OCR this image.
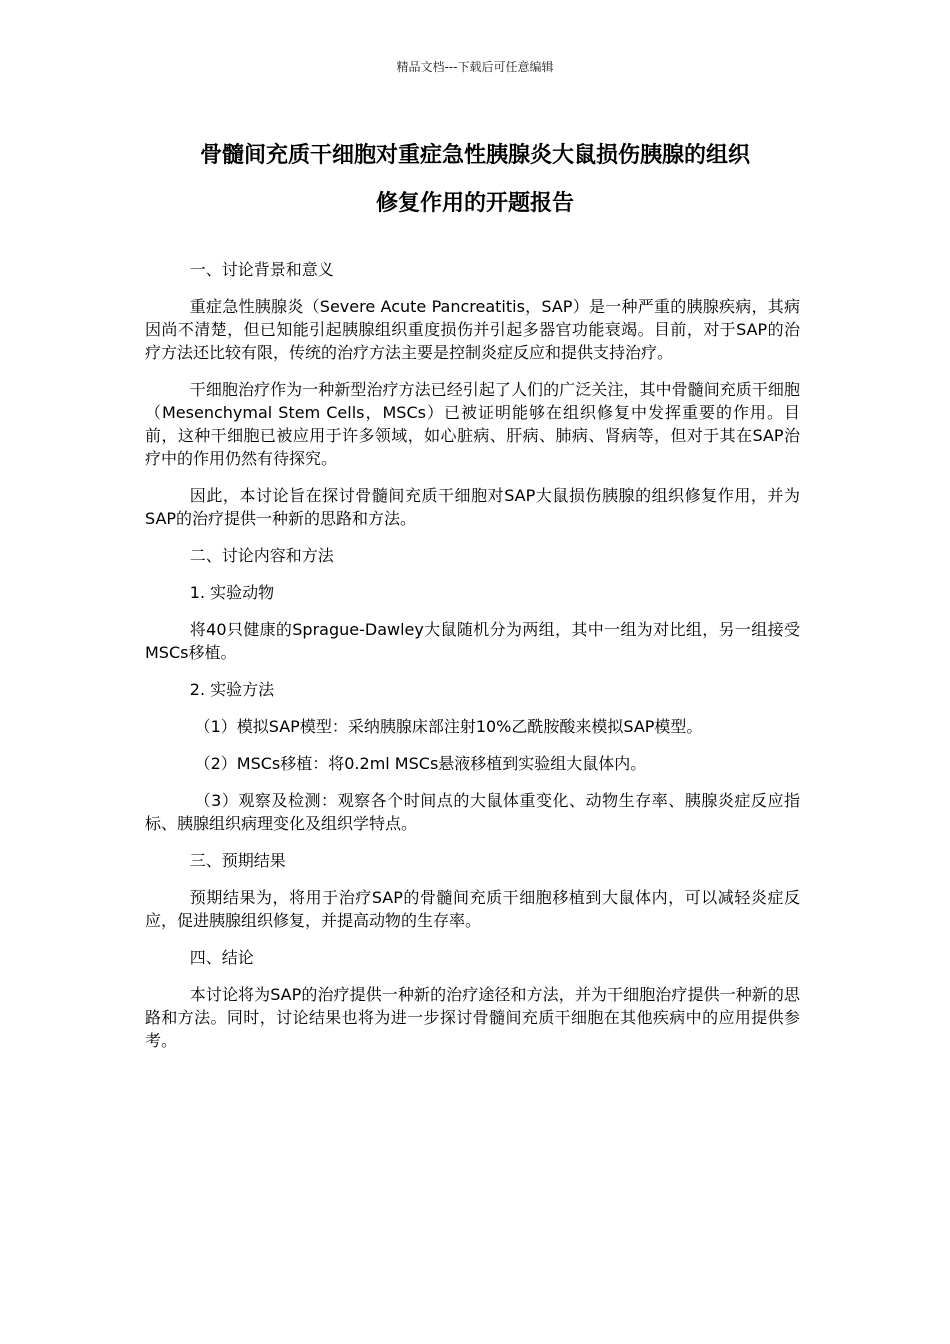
精品文档---下载后可任意编辑
骨髓间充质干细胞对重症急性胰腺炎大鼠损伤胰腺的组织
修复作用的开题报告

一、讨论背景和意义

重症急性胰腺炎（Severe Acute Pancreatitis，SAP）是一种严重的胰腺疾病，其病因尚不清楚，但已知能引起胰腺组织重度损伤并引起多器官功能衰竭。目前，对于SAP的治疗方法还比较有限，传统的治疗方法主要是控制炎症反应和提供支持治疗。

干细胞治疗作为一种新型治疗方法已经引起了人们的广泛关注，其中骨髓间充质干细胞（Mesenchymal Stem Cells，MSCs）已被证明能够在组织修复中发挥重要的作用。目前，这种干细胞已被应用于许多领域，如心脏病、肝病、肺病、肾病等，但对于其在SAP治疗中的作用仍然有待探究。

因此，本讨论旨在探讨骨髓间充质干细胞对SAP大鼠损伤胰腺的组织修复作用，并为SAP的治疗提供一种新的思路和方法。

二、讨论内容和方法

1. 实验动物

将40只健康的Sprague-Dawley大鼠随机分为两组，其中一组为对比组，另一组接受MSCs移植。

2. 实验方法

（1）模拟SAP模型：采纳胰腺床部注射10%乙酰胺酸来模拟SAP模型。

（2）MSCs移植：将0.2ml MSCs悬液移植到实验组大鼠体内。

（3）观察及检测：观察各个时间点的大鼠体重变化、动物生存率、胰腺炎症反应指标、胰腺组织病理变化及组织学特点。

三、预期结果

预期结果为，将用于治疗SAP的骨髓间充质干细胞移植到大鼠体内，可以减轻炎症反应，促进胰腺组织修复，并提高动物的生存率。

四、结论

本讨论将为SAP的治疗提供一种新的治疗途径和方法，并为干细胞治疗提供一种新的思路和方法。同时，讨论结果也将为进一步探讨骨髓间充质干细胞在其他疾病中的应用提供参考。
